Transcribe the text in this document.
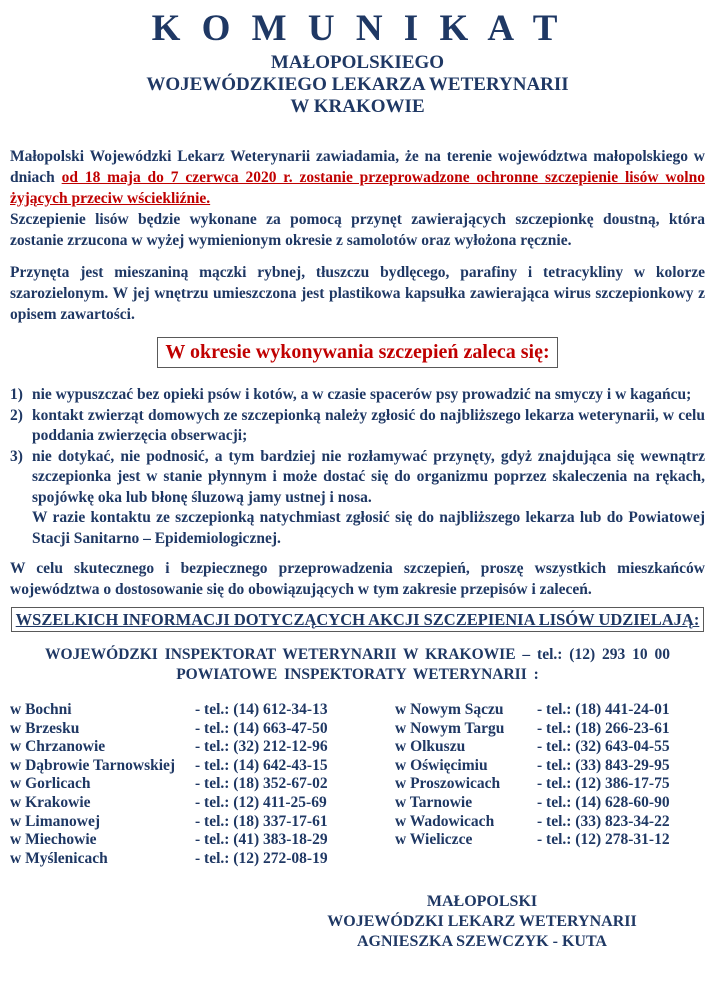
K O M U N I K A T
MAŁOPOLSKIEGO
WOJEWÓDZKIEGO LEKARZA WETERYNARII
W KRAKOWIE
Małopolski Wojewódzki Lekarz Weterynarii zawiadamia, że na terenie województwa małopolskiego w dniach od 18 maja do 7 czerwca 2020 r. zostanie przeprowadzone ochronne szczepienie lisów wolno żyjących przeciw wściekliźnie.
Szczepienie lisów będzie wykonane za pomocą przynęt zawierających szczepionkę doustną, która zostanie zrzucona w wyżej wymienionym okresie z samolotów oraz wyłożona ręcznie.
Przynęta jest mieszaniną mączki rybnej, tłuszczu bydlęcego, parafiny i tetracykliny w kolorze szarozielonym. W jej wnętrzu umieszczona jest plastikowa kapsułka zawierająca wirus szczepionkowy z opisem zawartości.
W okresie wykonywania szczepień zaleca się:
1) nie wypuszczać bez opieki psów i kotów, a w czasie spacerów psy prowadzić na smyczy i w kagańcu;
2) kontakt zwierząt domowych ze szczepionką należy zgłosić do najbliższego lekarza weterynarii, w celu poddania zwierzęcia obserwacji;
3) nie dotykać, nie podnosić, a tym bardziej nie rozłamywać przynęty, gdyż znajdująca się wewnątrz szczepionka jest w stanie płynnym i może dostać się do organizmu poprzez skaleczenia na rękach, spojówkę oka lub błonę śluzową jamy ustnej i nosa.
W razie kontaktu ze szczepionką natychmiast zgłosić się do najbliższego lekarza lub do Powiatowej Stacji Sanitarno – Epidemiologicznej.
W celu skutecznego i bezpiecznego przeprowadzenia szczepień, proszę wszystkich mieszkańców województwa o dostosowanie się do obowiązujących w tym zakresie przepisów i zaleceń.
WSZELKICH INFORMACJI DOTYCZĄCYCH AKCJI SZCZEPIENIA LISÓW UDZIELAJĄ:
WOJEWÓDZKI INSPEKTORAT WETERYNARII W KRAKOWIE – tel.: (12) 293 10 00
POWIATOWE INSPEKTORATY WETERYNARII :
w Bochni	- tel.: (14) 612-34-13
w Brzesku	- tel.: (14) 663-47-50
w Chrzanowie	- tel.: (32) 212-12-96
w Dąbrowie Tarnowskiej	- tel.: (14) 642-43-15
w Gorlicach	- tel.: (18) 352-67-02
w Krakowie	- tel.: (12) 411-25-69
w Limanowej	- tel.: (18) 337-17-61
w Miechowie	- tel.: (41) 383-18-29
w Myślenicach	- tel.: (12) 272-08-19
w Nowym Sączu	- tel.: (18) 441-24-01
w Nowym Targu	- tel.: (18) 266-23-61
w Olkuszu	- tel.: (32) 643-04-55
w Oświęcimiu	- tel.: (33) 843-29-95
w Proszowicach	- tel.: (12) 386-17-75
w Tarnowie	- tel.: (14) 628-60-90
w Wadowicach	- tel.: (33) 823-34-22
w Wieliczce	- tel.: (12) 278-31-12
MAŁOPOLSKI
WOJEWÓDZKI LEKARZ WETERYNARII
AGNIESZKA SZEWCZYK - KUTA
